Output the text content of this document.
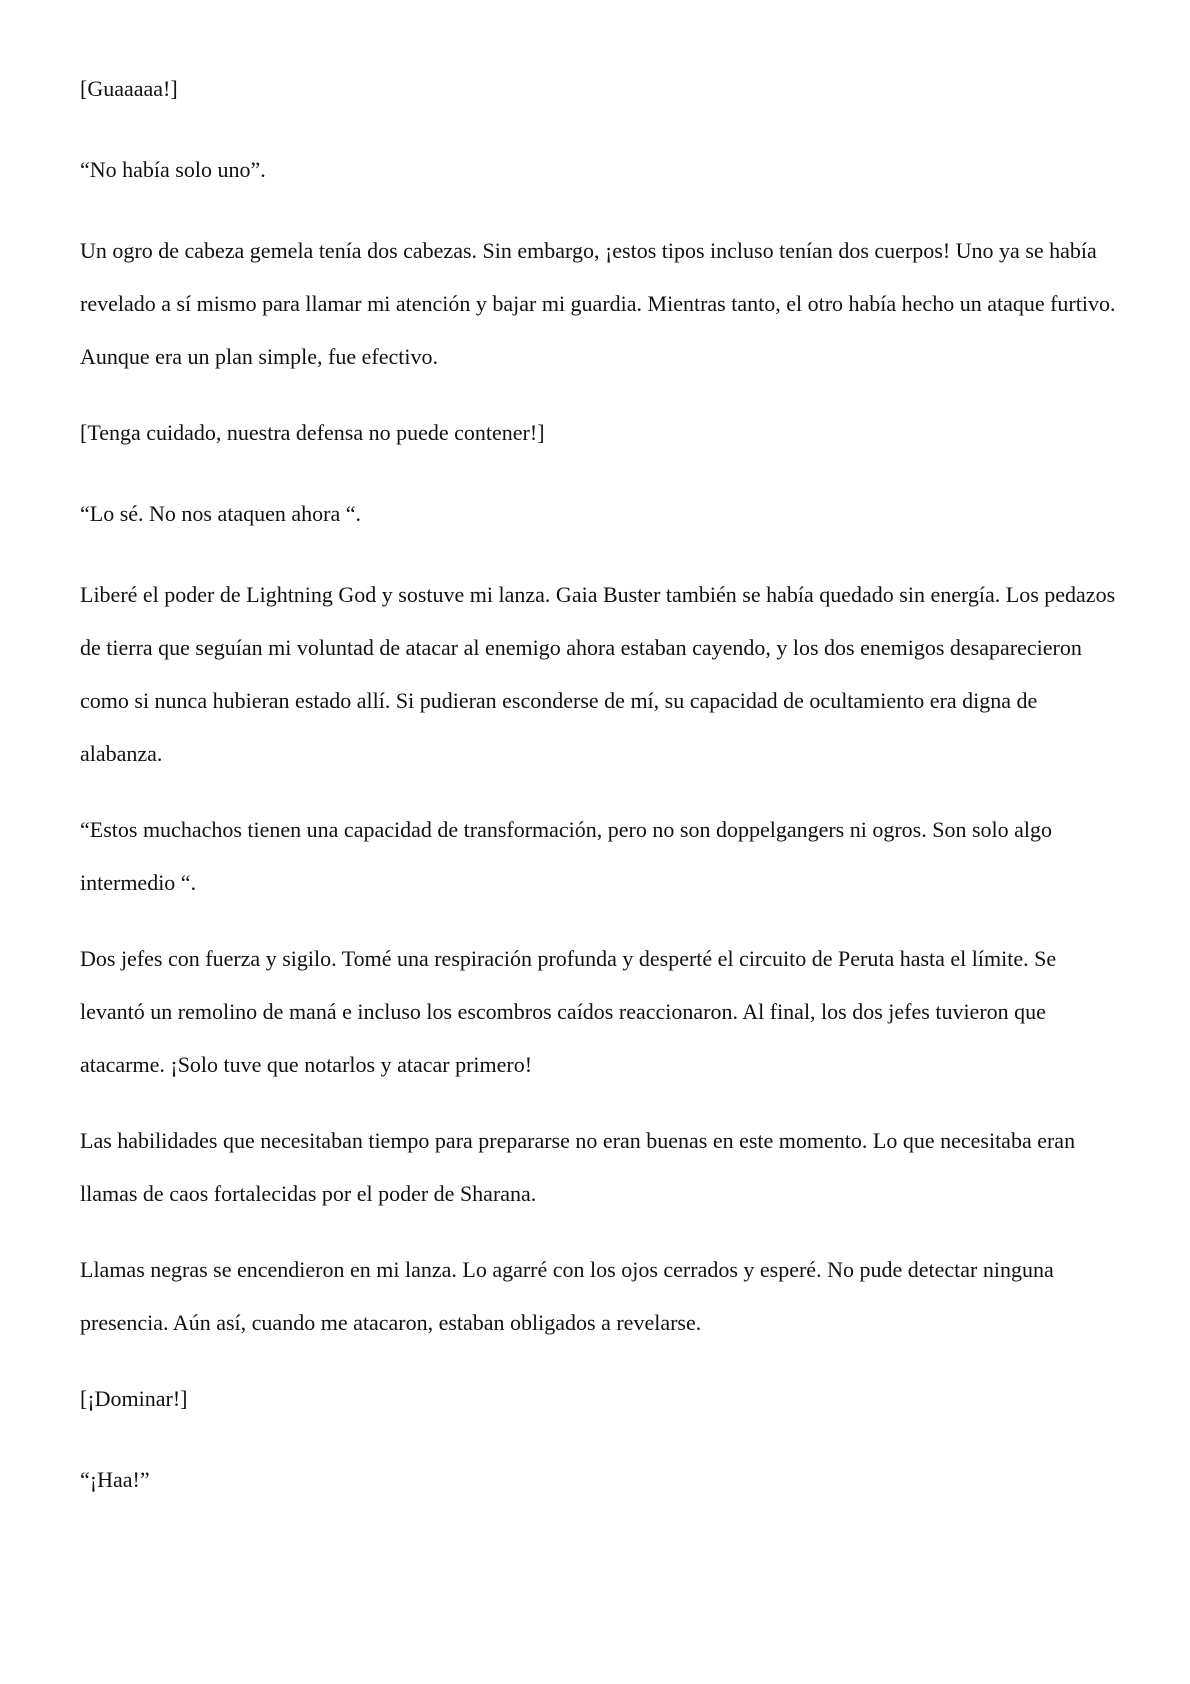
[Guaaaaa!]

“No había solo uno”.

Un ogro de cabeza gemela tenía dos cabezas. Sin embargo, ¡estos tipos incluso tenían dos cuerpos! Uno ya se había revelado a sí mismo para llamar mi atención y bajar mi guardia. Mientras tanto, el otro había hecho un ataque furtivo. Aunque era un plan simple, fue efectivo.

[Tenga cuidado, nuestra defensa no puede contener!]

“Lo sé. No nos ataquen ahora “.

Liberé el poder de Lightning God y sostuve mi lanza. Gaia Buster también se había quedado sin energía. Los pedazos de tierra que seguían mi voluntad de atacar al enemigo ahora estaban cayendo, y los dos enemigos desaparecieron como si nunca hubieran estado allí. Si pudieran esconderse de mí, su capacidad de ocultamiento era digna de alabanza.

“Estos muchachos tienen una capacidad de transformación, pero no son doppelgangers ni ogros. Son solo algo intermedio “.

Dos jefes con fuerza y sigilo. Tomé una respiración profunda y desperté el circuito de Peruta hasta el límite. Se levantó un remolino de maná e incluso los escombros caídos reaccionaron. Al final, los dos jefes tuvieron que atacarme. ¡Solo tuve que notarlos y atacar primero!

Las habilidades que necesitaban tiempo para prepararse no eran buenas en este momento. Lo que necesitaba eran llamas de caos fortalecidas por el poder de Sharana.

Llamas negras se encendieron en mi lanza. Lo agarré con los ojos cerrados y esperé. No pude detectar ninguna presencia. Aún así, cuando me atacaron, estaban obligados a revelarse.

[¡Dominar!]

“¡Haa!”
